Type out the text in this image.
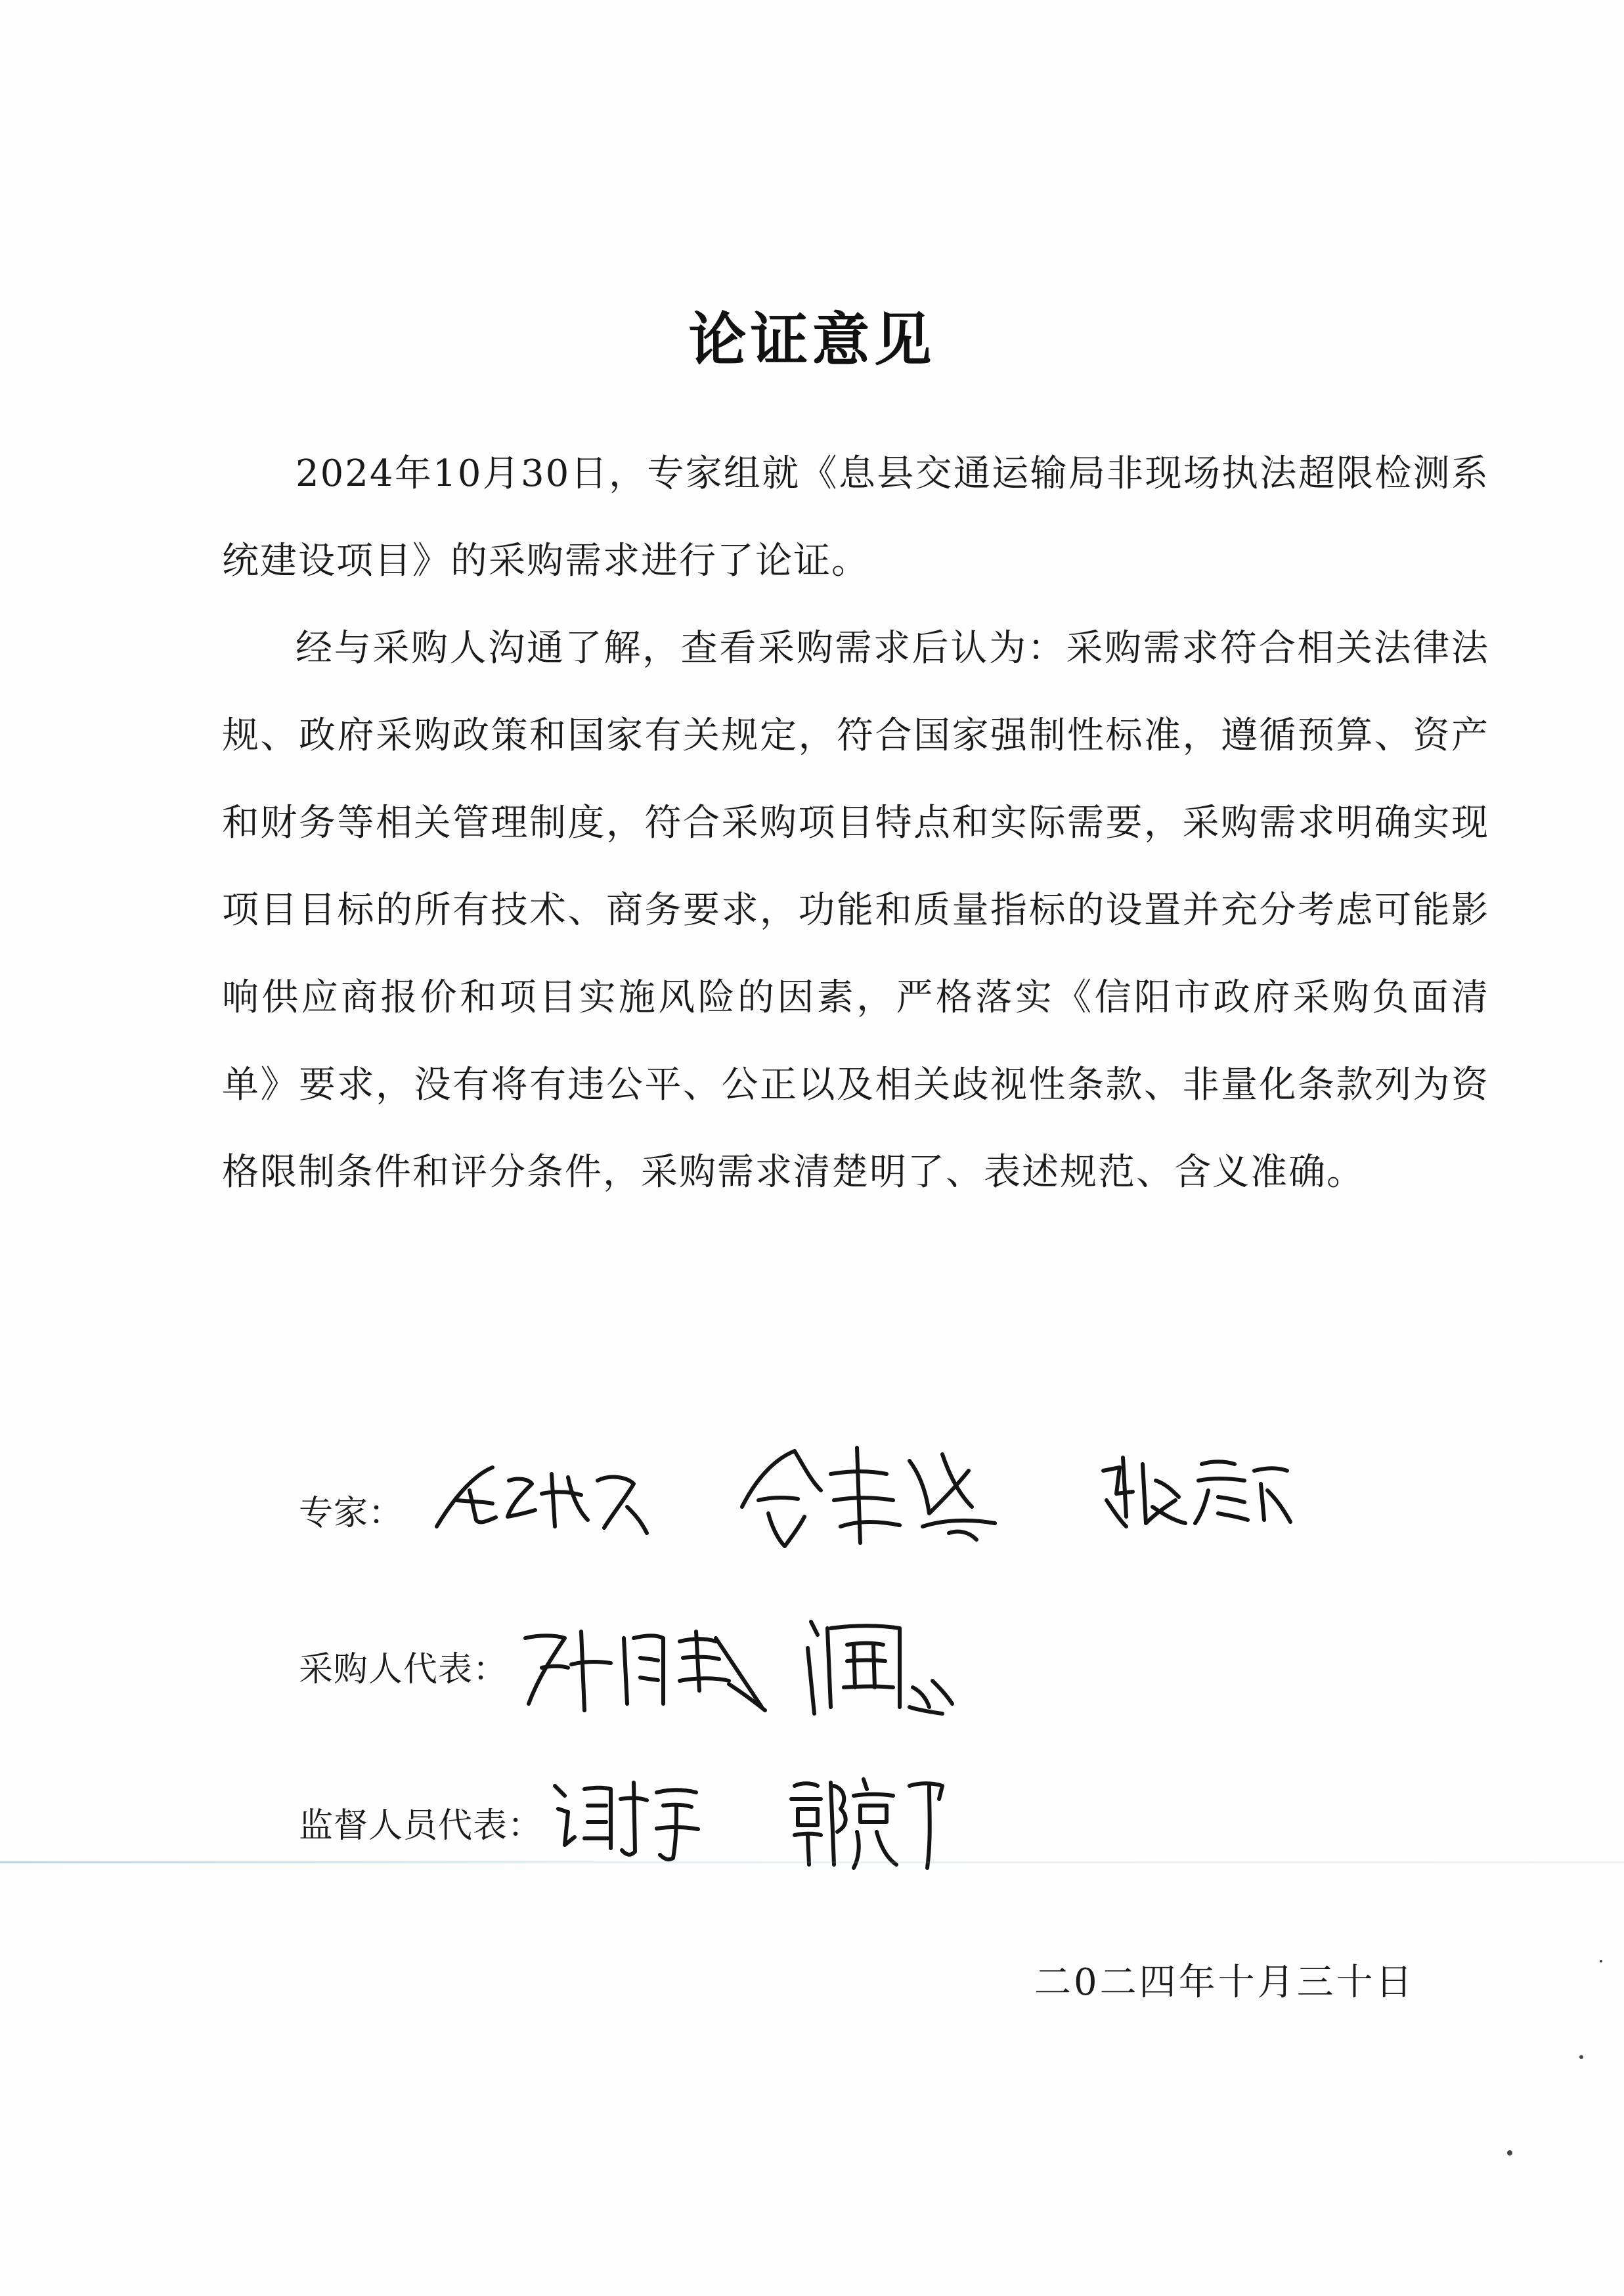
论证意见

2024年10月30日，专家组就《息县交通运输局非现场执法超限检测系统建设项目》的采购需求进行了论证。

经与采购人沟通了解，查看采购需求后认为：采购需求符合相关法律法规、政府采购政策和国家有关规定，符合国家强制性标准，遵循预算、资产和财务等相关管理制度，符合采购项目特点和实际需要，采购需求明确实现项目目标的所有技术、商务要求，功能和质量指标的设置并充分考虑可能影响供应商报价和项目实施风险的因素，严格落实《信阳市政府采购负面清单》要求，没有将有违公平、公正以及相关歧视性条款、非量化条款列为资格限制条件和评分条件，采购需求清楚明了、表述规范、含义准确。

专家：
采购人代表：
监督人员代表：
二0二四年十月三十日
